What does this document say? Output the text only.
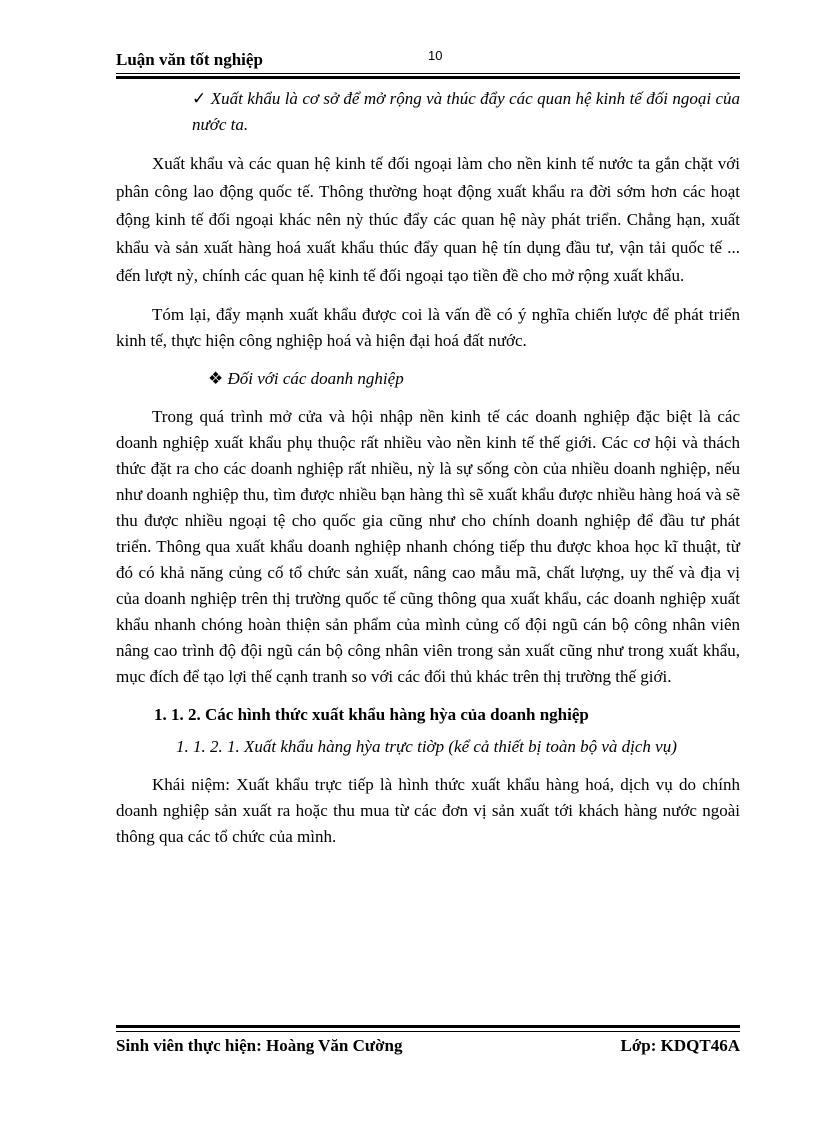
Luận văn tốt nghiệp	10

✓ Xuất khẩu là cơ sở để mở rộng và thúc đẩy các quan hệ kinh tế đối ngoại của nước ta.

Xuất khẩu và các quan hệ kinh tế đối ngoại làm cho nền kinh tế nước ta gắn chặt với phân công lao động quốc tế. Thông thường hoạt động xuất khẩu ra đời sớm hơn các hoạt động kinh tế đối ngoại khác nên nỳ thúc đẩy các quan hệ này phát triển. Chẳng hạn, xuất khẩu và sản xuất hàng hoá xuất khẩu thúc đẩy quan hệ tín dụng đầu tư, vận tải quốc tế ... đến lượt nỳ, chính các quan hệ kinh tế đối ngoại tạo tiền đề cho mở rộng xuất khẩu.

Tóm lại, đẩy mạnh xuất khẩu được coi là vấn đề có ý nghĩa chiến lược để phát triển kinh tế, thực hiện công nghiệp hoá và hiện đại hoá đất nước.

❖ Đối với các doanh nghiệp

Trong quá trình mở cửa và hội nhập nền kinh tế các doanh nghiệp đặc biệt là các doanh nghiệp xuất khẩu phụ thuộc rất nhiều vào nền kinh tế thế giới. Các cơ hội và thách thức đặt ra cho các doanh nghiệp rất nhiều, nỳ là sự sống còn của nhiều doanh nghiệp, nếu như doanh nghiệp thu, tìm được nhiều bạn hàng thì sẽ xuất khẩu được nhiều hàng hoá và sẽ thu được nhiều ngoại tệ cho quốc gia cũng như cho chính doanh nghiệp để đầu tư phát triển. Thông qua xuất khẩu doanh nghiệp nhanh chóng tiếp thu được khoa học kĩ thuật, từ đó có khả năng củng cố tổ chức sản xuất, nâng cao mẫu mã, chất lượng, uy thế và địa vị của doanh nghiệp trên thị trường quốc tế cũng thông qua xuất khẩu, các doanh nghiệp xuất khẩu nhanh chóng hoàn thiện sản phẩm của mình củng cố đội ngũ cán bộ công nhân viên nâng cao trình độ đội ngũ cán bộ công nhân viên trong sản xuất cũng như trong xuất khẩu, mục đích để tạo lợi thế cạnh tranh so với các đối thủ khác trên thị trường thế giới.

1. 1. 2. Các hình thức xuất khẩu hàng hỳa của doanh nghiệp

1. 1. 2. 1. Xuất khẩu hàng hỳa trực tiờp (kể cả thiết bị toàn bộ và dịch vụ)

Khái niệm: Xuất khẩu trực tiếp là hình thức xuất khẩu hàng hoá, dịch vụ do chính doanh nghiệp sản xuất ra hoặc thu mua từ các đơn vị sản xuất tới khách hàng nước ngoài thông qua các tổ chức của mình.

Sinh viên thực hiện: Hoàng Văn Cường	Lớp: KDQT46A
